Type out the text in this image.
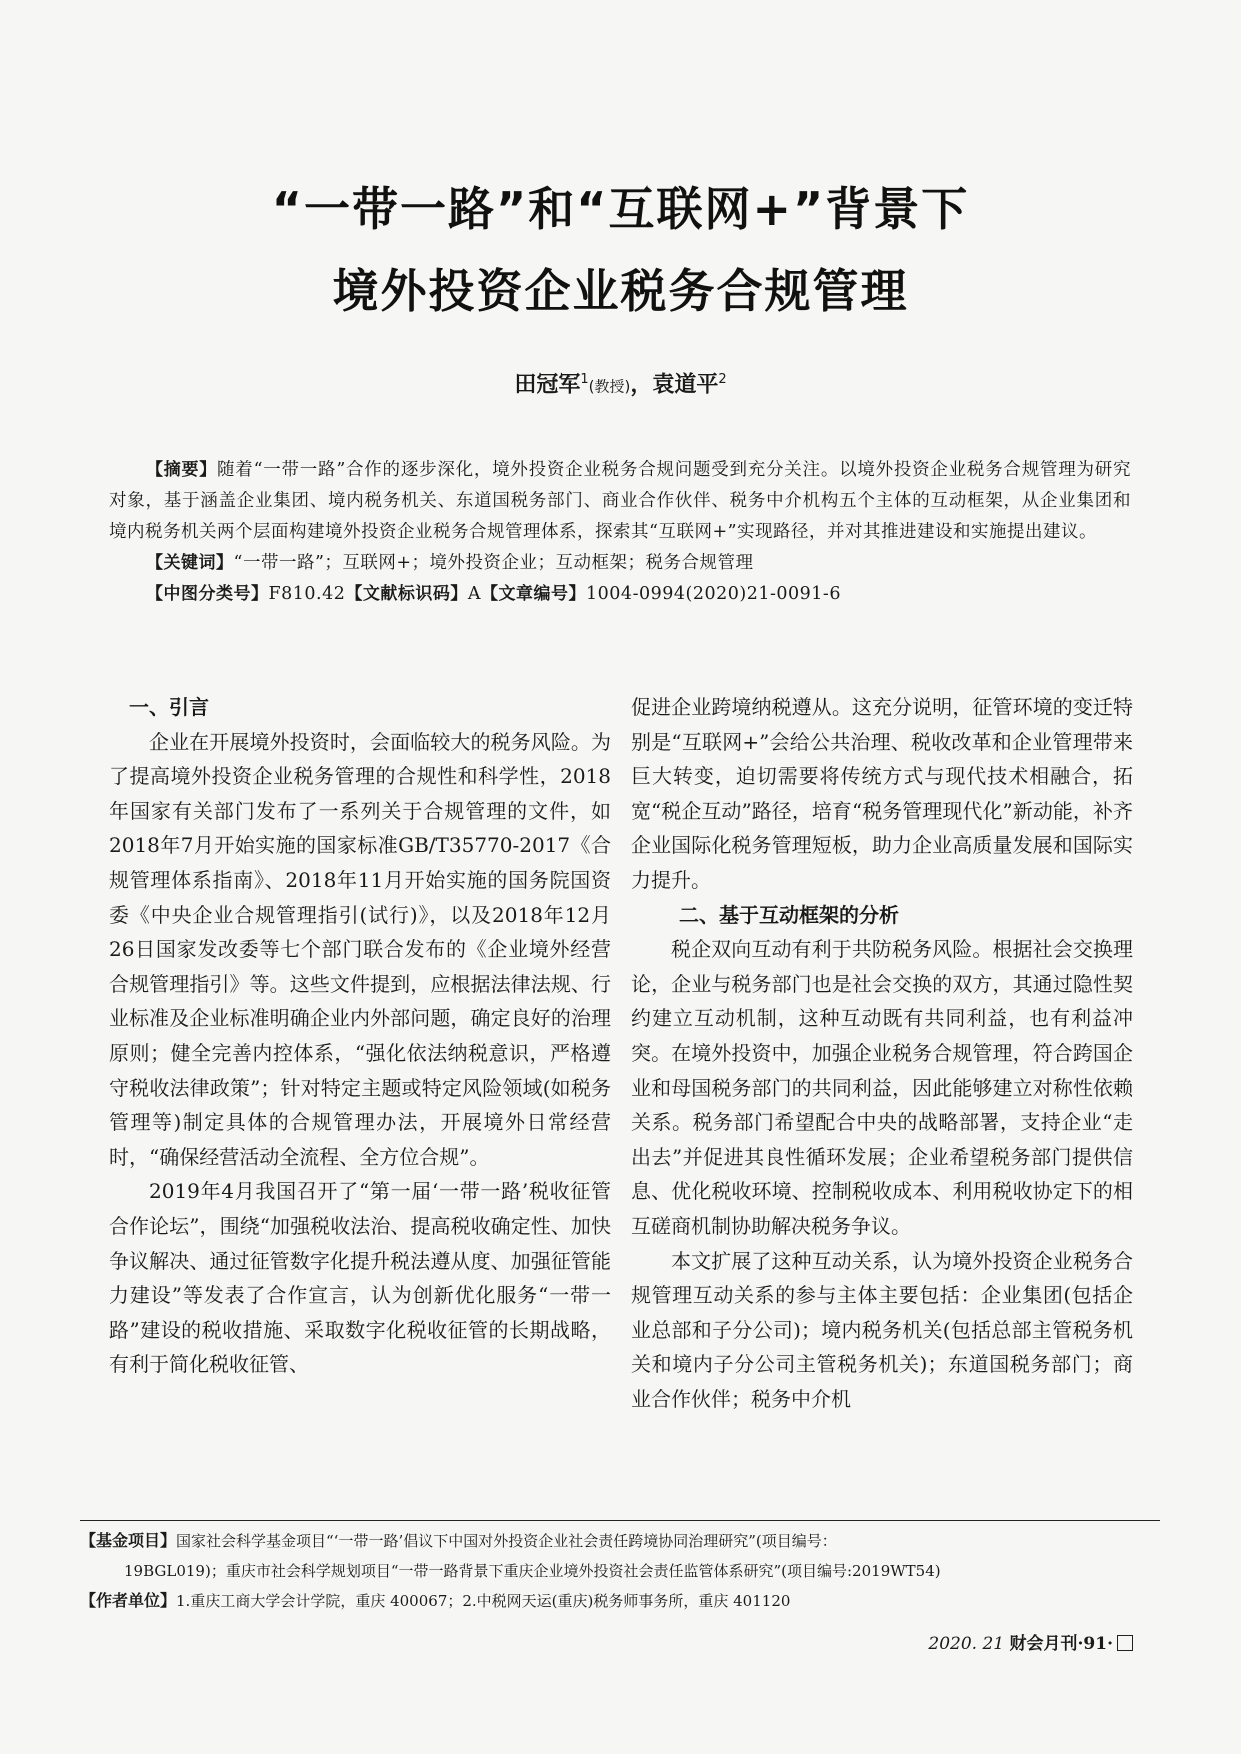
“一带一路”和“互联网+”背景下
境外投资企业税务合规管理
田冠军$^1$(教授)，袁道平$^2$

【摘要】随着“一带一路”合作的逐步深化，境外投资企业税务合规问题受到充分关注。以境外投资企业税务合规管理为研究对象，基于涵盖企业集团、境内税务机关、东道国税务部门、商业合作伙伴、税务中介机构五个主体的互动框架，从企业集团和境内税务机关两个层面构建境外投资企业税务合规管理体系，探索其“互联网+”实现路径，并对其推进建设和实施提出建议。

【关键词】“一带一路”；互联网+；境外投资企业；互动框架；税务合规管理

【中图分类号】F810.42【文献标识码】A【文章编号】1004-0994(2020)21-0091-6

一、引言

企业在开展境外投资时，会面临较大的税务风险。为了提高境外投资企业税务管理的合规性和科学性，2018年国家有关部门发布了一系列关于合规管理的文件，如2018年7月开始实施的国家标准GB/T35770-2017《合规管理体系指南》、2018年11月开始实施的国务院国资委《中央企业合规管理指引(试行)》，以及2018年12月26日国家发改委等七个部门联合发布的《企业境外经营合规管理指引》等。这些文件提到，应根据法律法规、行业标准及企业标准明确企业内外部问题，确定良好的治理原则；健全完善内控体系，“强化依法纳税意识，严格遵守税收法律政策”；针对特定主题或特定风险领域(如税务管理等)制定具体的合规管理办法，开展境外日常经营时，“确保经营活动全流程、全方位合规”。

2019年4月我国召开了“第一届‘一带一路’税收征管合作论坛”，围绕“加强税收法治、提高税收确定性、加快争议解决、通过征管数字化提升税法遵从度、加强征管能力建设”等发表了合作宣言，认为创新优化服务“一带一路”建设的税收措施、采取数字化税收征管的长期战略，有利于简化税收征管、

促进企业跨境纳税遵从。这充分说明，征管环境的变迁特别是“互联网+”会给公共治理、税收改革和企业管理带来巨大转变，迫切需要将传统方式与现代技术相融合，拓宽“税企互动”路径，培育“税务管理现代化”新动能，补齐企业国际化税务管理短板，助力企业高质量发展和国际实力提升。

二、基于互动框架的分析

税企双向互动有利于共防税务风险。根据社会交换理论，企业与税务部门也是社会交换的双方，其通过隐性契约建立互动机制，这种互动既有共同利益，也有利益冲突。在境外投资中，加强企业税务合规管理，符合跨国企业和母国税务部门的共同利益，因此能够建立对称性依赖关系。税务部门希望配合中央的战略部署，支持企业“走出去”并促进其良性循环发展；企业希望税务部门提供信息、优化税收环境、控制税收成本、利用税收协定下的相互磋商机制协助解决税务争议。

本文扩展了这种互动关系，认为境外投资企业税务合规管理互动关系的参与主体主要包括：企业集团(包括企业总部和子分公司)；境内税务机关(包括总部主管税务机关和境内子分公司主管税务机关)；东道国税务部门；商业合作伙伴；税务中介机

【基金项目】国家社会科学基金项目“‘一带一路’倡议下中国对外投资企业社会责任跨境协同治理研究”(项目编号：

19BGL019)；重庆市社会科学规划项目“一带一路背景下重庆企业境外投资社会责任监管体系研究”(项目编号:2019WT54)

【作者单位】1.重庆工商大学会计学院，重庆 400067；2.中税网天运(重庆)税务师事务所，重庆 401120

2020. 21 财会月刊·91·
